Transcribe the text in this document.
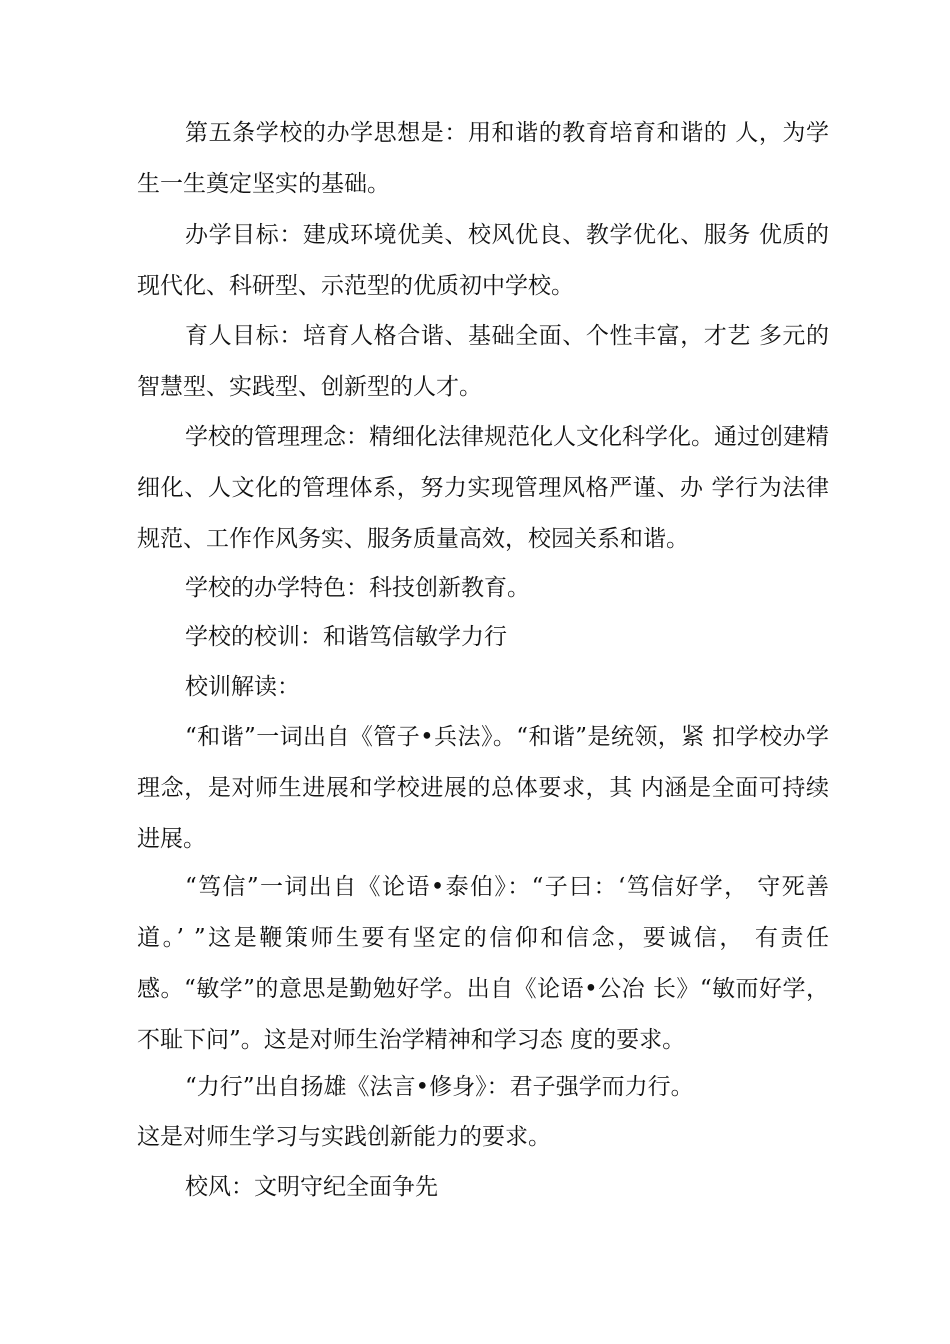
第五条学校的办学思想是：用和谐的教育培育和谐的 人，为学生一生奠定坚实的基础。

办学目标：建成环境优美、校风优良、教学优化、服务 优质的现代化、科研型、示范型的优质初中学校。

育人目标：培育人格合谐、基础全面、个性丰富，才艺 多元的智慧型、实践型、创新型的人才。

学校的管理理念：精细化法律规范化人文化科学化。通过创建精细化、人文化的管理体系，努力实现管理风格严谨、办 学行为法律规范、工作作风务实、服务质量高效，校园关系和谐。

学校的办学特色：科技创新教育。

学校的校训：和谐笃信敏学力行

校训解读：

“和谐”一词出自《管子•兵法》。“和谐”是统领，紧 扣学校办学理念，是对师生进展和学校进展的总体要求，其 内涵是全面可持续进展。

“笃信”一词出自《论语•泰伯》：“子曰：‘笃信好学， 守死善道。’ ”这是鞭策师生要有坚定的信仰和信念，要诚信， 有责任感。“敏学”的意思是勤勉好学。出自《论语•公冶 长》“敏而好学，不耻下问”。这是对师生治学精神和学习态 度的要求。

“力行”出自扬雄《法言•修身》：君子强学而力行。

这是对师生学习与实践创新能力的要求。

校风：文明守纪全面争先
